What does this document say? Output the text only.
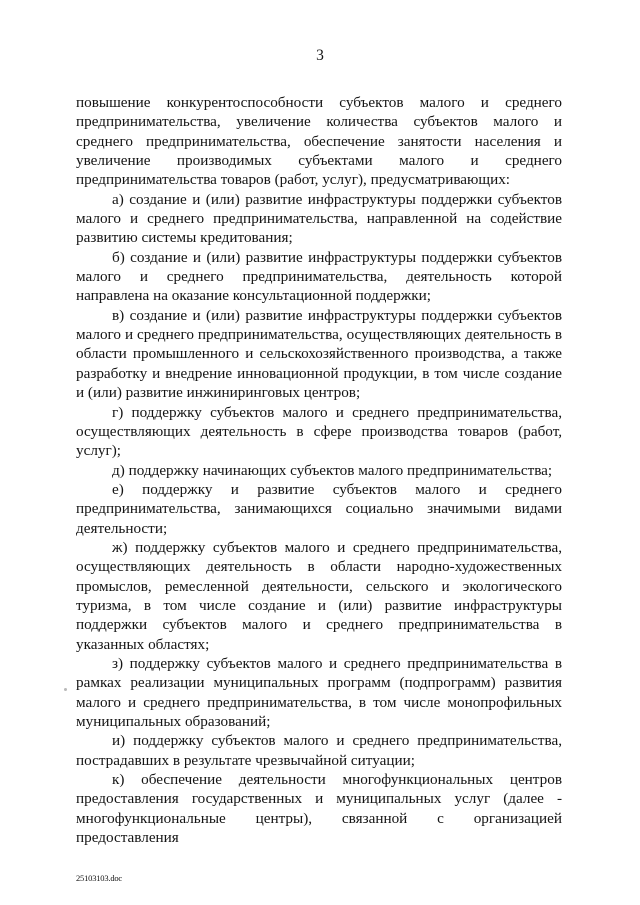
3

повышение конкурентоспособности субъектов малого и среднего предпринимательства, увеличение количества субъектов малого и среднего предпринимательства, обеспечение занятости населения и увеличение производимых субъектами малого и среднего предпринимательства товаров (работ, услуг), предусматривающих:

а) создание и (или) развитие инфраструктуры поддержки субъектов малого и среднего предпринимательства, направленной на содействие развитию системы кредитования;

б) создание и (или) развитие инфраструктуры поддержки субъектов малого и среднего предпринимательства, деятельность которой направлена на оказание консультационной поддержки;

в) создание и (или) развитие инфраструктуры поддержки субъектов малого и среднего предпринимательства, осуществляющих деятельность в области промышленного и сельскохозяйственного производства, а также разработку и внедрение инновационной продукции, в том числе создание и (или) развитие инжиниринговых центров;

г) поддержку субъектов малого и среднего предпринимательства, осуществляющих деятельность в сфере производства товаров (работ, услуг);

д) поддержку начинающих субъектов малого предпринимательства;

е) поддержку и развитие субъектов малого и среднего предпринимательства, занимающихся социально значимыми видами деятельности;

ж) поддержку субъектов малого и среднего предпринимательства, осуществляющих деятельность в области народно-художественных промыслов, ремесленной деятельности, сельского и экологического туризма, в том числе создание и (или) развитие инфраструктуры поддержки субъектов малого и среднего предпринимательства в указанных областях;

з) поддержку субъектов малого и среднего предпринимательства в рамках реализации муниципальных программ (подпрограмм) развития малого и среднего предпринимательства, в том числе монопрофильных муниципальных образований;

и) поддержку субъектов малого и среднего предпринимательства, пострадавших в результате чрезвычайной ситуации;

к) обеспечение деятельности многофункциональных центров предоставления государственных и муниципальных услуг (далее - многофункциональные центры), связанной с организацией предоставления

25103103.doc
